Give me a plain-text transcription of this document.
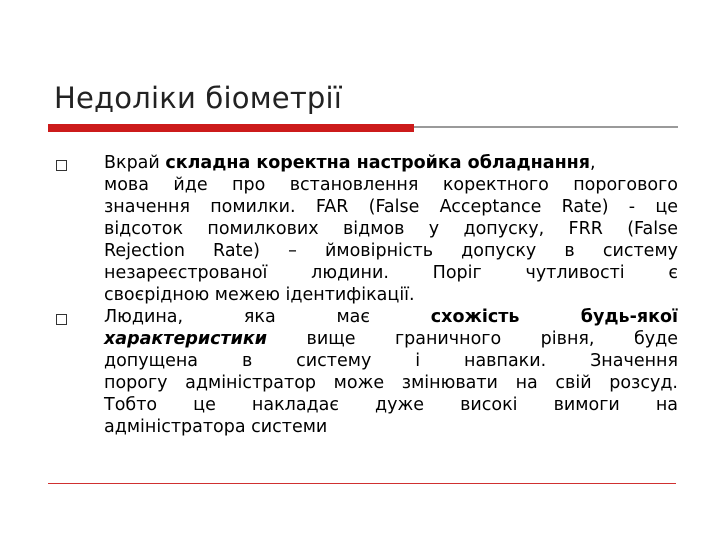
Недоліки біометрії
Вкрай складна коректна настройка обладнання,
мова йде про встановлення коректного порогового
значення помилки. FAR (False Acceptance Rate) - це
відсоток помилкових відмов у допуску, FRR (False
Rejection Rate) – ймовірність допуску в систему
незареєстрованої людини. Поріг чутливості є
своєрідною межею ідентифікації.
Людина, яка має схожість будь-якої
характеристики вище граничного рівня, буде
допущена в систему і навпаки. Значення
порогу адміністратор може змінювати на свій розсуд.
Тобто це накладає дуже високі вимоги на
адміністратора системи
